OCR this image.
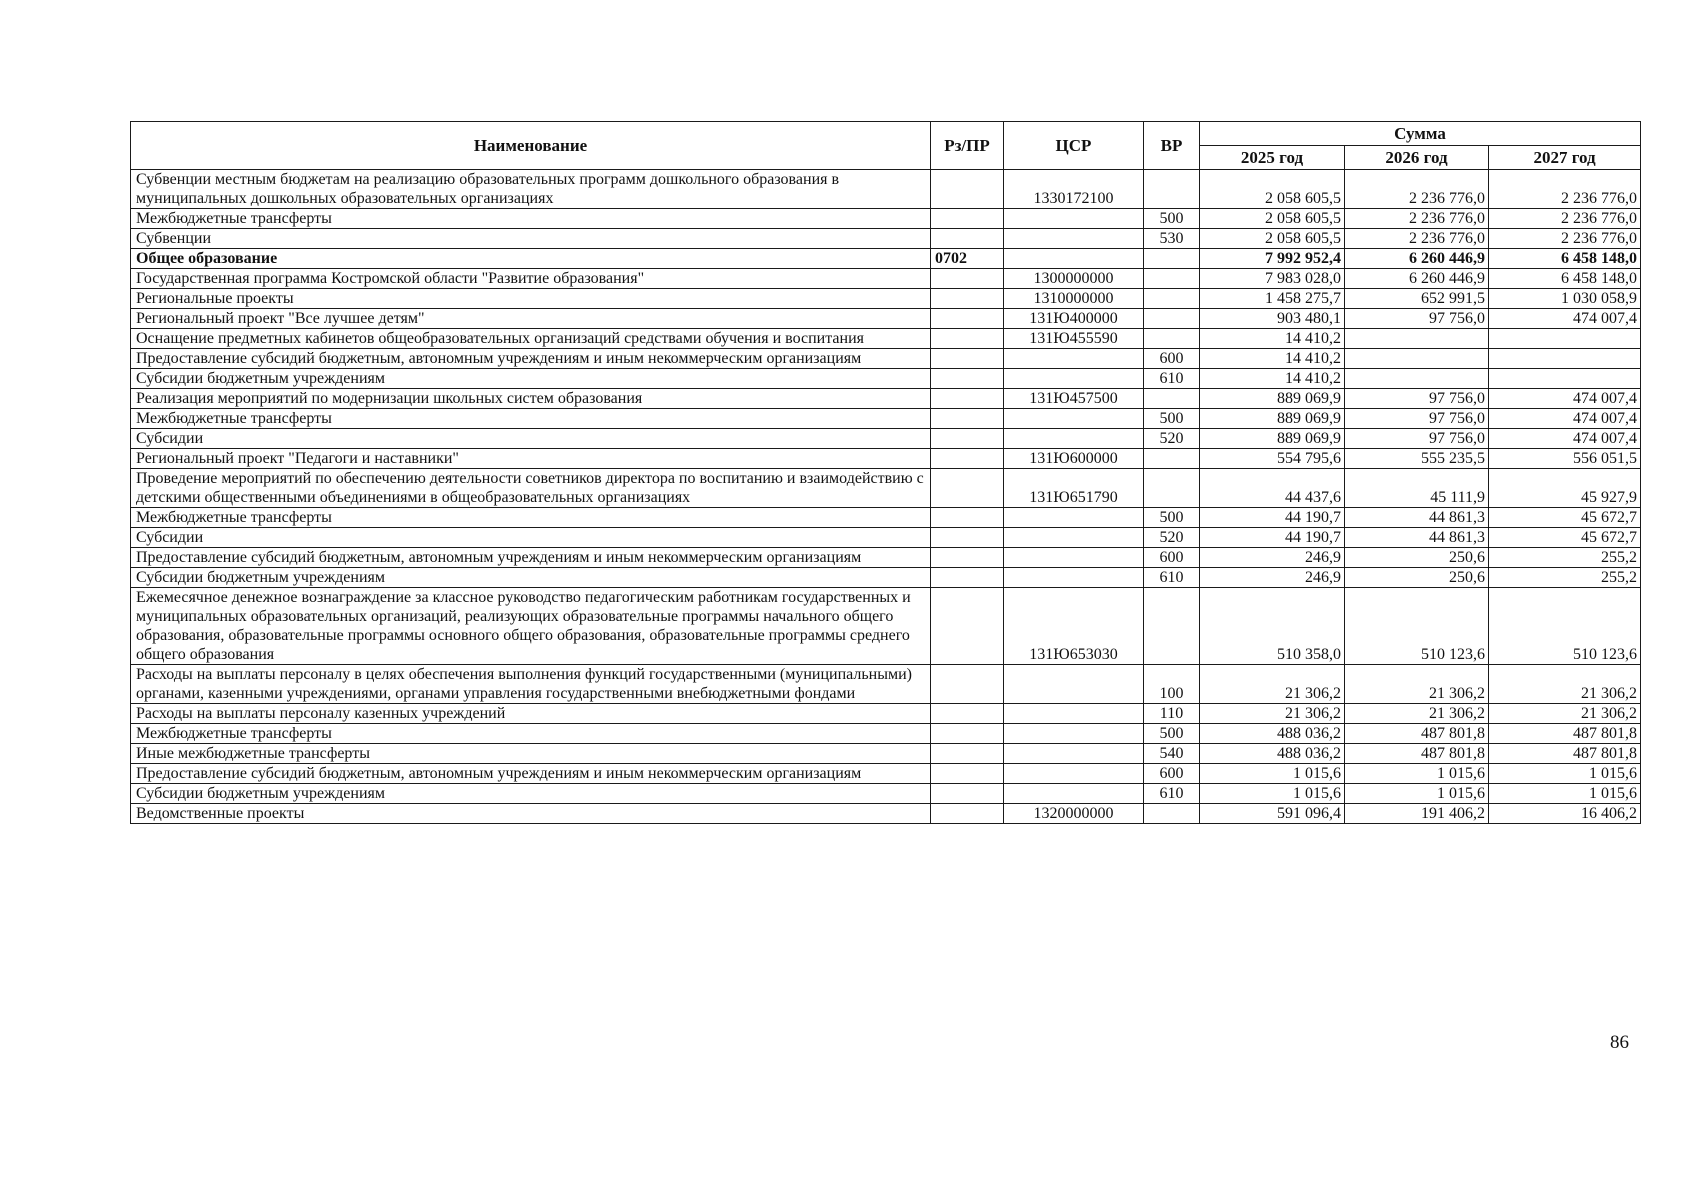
Наименование	Рз/ПР	ЦСР	ВР	Сумма		
				2025 год	2026 год	2027 год
Субвенции местным бюджетам на реализацию образовательных программ дошкольного образования в муниципальных дошкольных образовательных организациях		1330172100		2 058 605,5	2 236 776,0	2 236 776,0
Межбюджетные трансферты			500	2 058 605,5	2 236 776,0	2 236 776,0
Субвенции			530	2 058 605,5	2 236 776,0	2 236 776,0
Общее образование	0702			7 992 952,4	6 260 446,9	6 458 148,0
Государственная программа Костромской области "Развитие образования"		1300000000		7 983 028,0	6 260 446,9	6 458 148,0
Региональные проекты		1310000000		1 458 275,7	652 991,5	1 030 058,9
Региональный проект "Все лучшее детям"		131Ю400000		903 480,1	97 756,0	474 007,4
Оснащение предметных кабинетов общеобразовательных организаций средствами обучения и воспитания		131Ю455590		14 410,2		
Предоставление субсидий бюджетным, автономным учреждениям и иным некоммерческим организациям			600	14 410,2		
Субсидии бюджетным учреждениям			610	14 410,2		
Реализация мероприятий по модернизации школьных систем образования		131Ю457500		889 069,9	97 756,0	474 007,4
Межбюджетные трансферты			500	889 069,9	97 756,0	474 007,4
Субсидии			520	889 069,9	97 756,0	474 007,4
Региональный проект "Педагоги и наставники"		131Ю600000		554 795,6	555 235,5	556 051,5
Проведение мероприятий по обеспечению деятельности советников директора по воспитанию и взаимодействию с детскими общественными объединениями в общеобразовательных организациях		131Ю651790		44 437,6	45 111,9	45 927,9
Межбюджетные трансферты			500	44 190,7	44 861,3	45 672,7
Субсидии			520	44 190,7	44 861,3	45 672,7
Предоставление субсидий бюджетным, автономным учреждениям и иным некоммерческим организациям			600	246,9	250,6	255,2
Субсидии бюджетным учреждениям			610	246,9	250,6	255,2
Ежемесячное денежное вознаграждение за классное руководство педагогическим работникам государственных и муниципальных образовательных организаций, реализующих образовательные программы начального общего образования, образовательные программы основного общего образования, образовательные программы среднего общего образования		131Ю653030		510 358,0	510 123,6	510 123,6
Расходы на выплаты персоналу в целях обеспечения выполнения функций государственными (муниципальными) органами, казенными учреждениями, органами управления государственными внебюджетными фондами			100	21 306,2	21 306,2	21 306,2
Расходы на выплаты персоналу казенных учреждений			110	21 306,2	21 306,2	21 306,2
Межбюджетные трансферты			500	488 036,2	487 801,8	487 801,8
Иные межбюджетные трансферты			540	488 036,2	487 801,8	487 801,8
Предоставление субсидий бюджетным, автономным учреждениям и иным некоммерческим организациям			600	1 015,6	1 015,6	1 015,6
Субсидии бюджетным учреждениям			610	1 015,6	1 015,6	1 015,6
Ведомственные проекты		1320000000		591 096,4	191 406,2	16 406,2
86
